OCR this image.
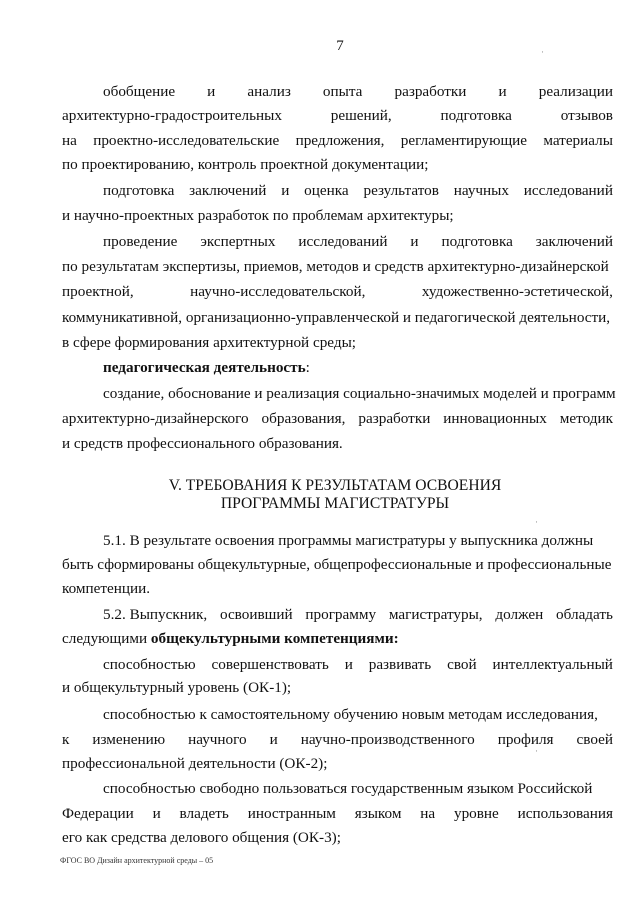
7	·
·
·
обобщение и анализ опыта разработки и реализации
архитектурно-градостроительных	решений,	подготовка	отзывов
на проектно-исследовательские предложения, регламентирующие материалы
по проектированию, контроль проектной документации;
подготовка заключений и оценка результатов научных исследований
и научно-проектных разработок по проблемам архитектуры;
проведение экспертных исследований и подготовка заключений
по результатам экспертизы, приемов, методов и средств архитектурно-дизайнерской
проектной,	научно-исследовательской,	художественно-эстетической,
коммуникативной, организационно-управленческой и педагогической деятельности,
в сфере формирования архитектурной среды;
педагогическая деятельность:
создание, обоснование и реализация социально-значимых моделей и программ
архитектурно-дизайнерского образования, разработки инновационных методик
и средств профессионального образования.
V. ТРЕБОВАНИЯ К РЕЗУЛЬТАТАМ ОСВОЕНИЯ
ПРОГРАММЫ МАГИСТРАТУРЫ
5.1. В результате освоения программы магистратуры у выпускника должны
быть сформированы общекультурные, общепрофессиональные и профессиональные
компетенции.
5.2. Выпускник, освоивший программу магистратуры, должен обладать
следующими общекультурными компетенциями:
способностью совершенствовать и развивать свой интеллектуальный
и общекультурный уровень (ОК-1);
способностью к самостоятельному обучению новым методам исследования,
к изменению научного и научно-производственного профиля своей
профессиональной деятельности (ОК-2);
способностью свободно пользоваться государственным языком Российской
Федерации и владеть иностранным языком на уровне использования
его как средства делового общения (ОК-3);
ФГОС ВО Дизайн архитектурной среды – 05
